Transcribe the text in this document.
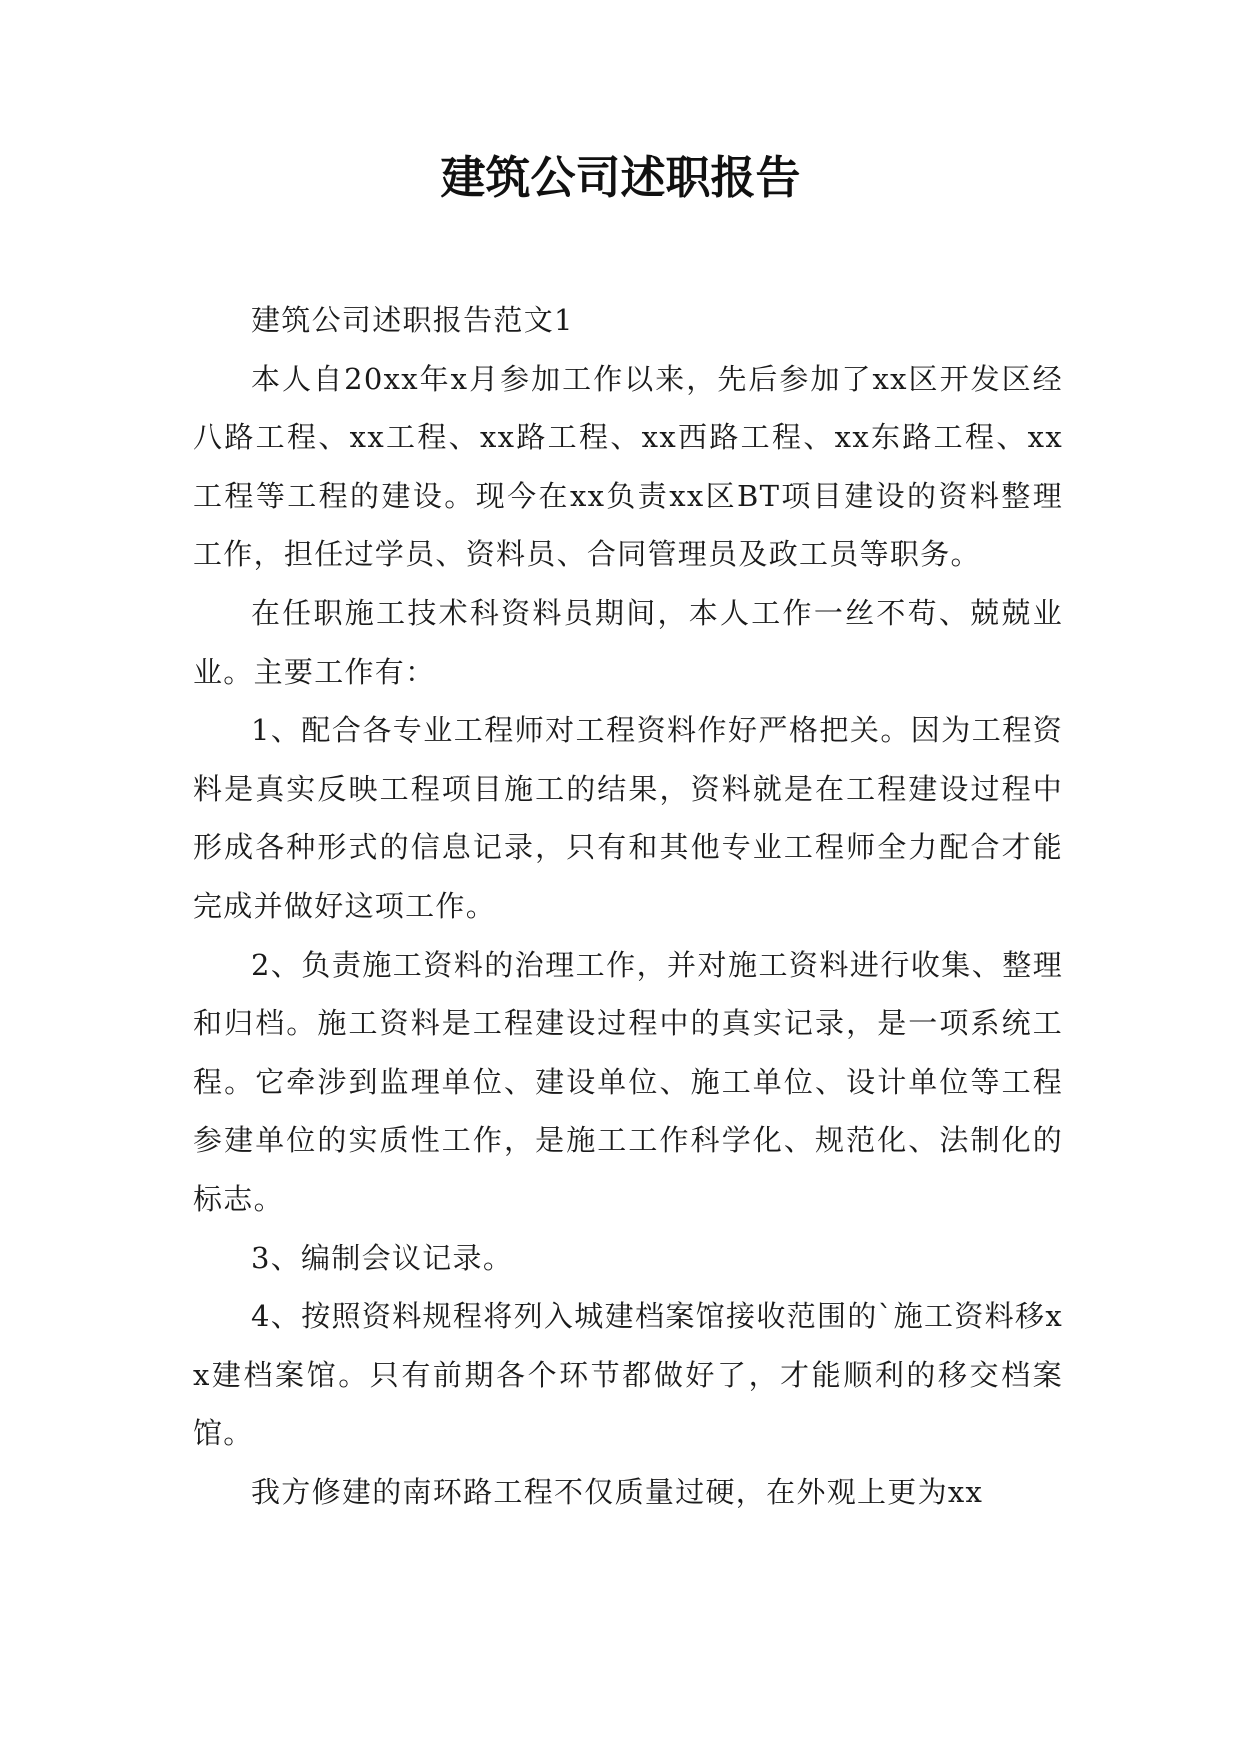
建筑公司述职报告

建筑公司述职报告范文1

本人自20xx年x月参加工作以来，先后参加了xx区开发区经八路工程、xx工程、xx路工程、xx西路工程、xx东路工程、xx工程等工程的建设。现今在xx负责xx区BT项目建设的资料整理工作，担任过学员、资料员、合同管理员及政工员等职务。

在任职施工技术科资料员期间，本人工作一丝不苟、兢兢业业。主要工作有：

1、配合各专业工程师对工程资料作好严格把关。因为工程资料是真实反映工程项目施工的结果，资料就是在工程建设过程中形成各种形式的信息记录，只有和其他专业工程师全力配合才能完成并做好这项工作。

2、负责施工资料的治理工作，并对施工资料进行收集、整理和归档。施工资料是工程建设过程中的真实记录，是一项系统工程。它牵涉到监理单位、建设单位、施工单位、设计单位等工程参建单位的实质性工作，是施工工作科学化、规范化、法制化的标志。

3、编制会议记录。

4、按照资料规程将列入城建档案馆接收范围的`施工资料移xx建档案馆。只有前期各个环节都做好了，才能顺利的移交档案馆。

我方修建的南环路工程不仅质量过硬，在外观上更为xx
